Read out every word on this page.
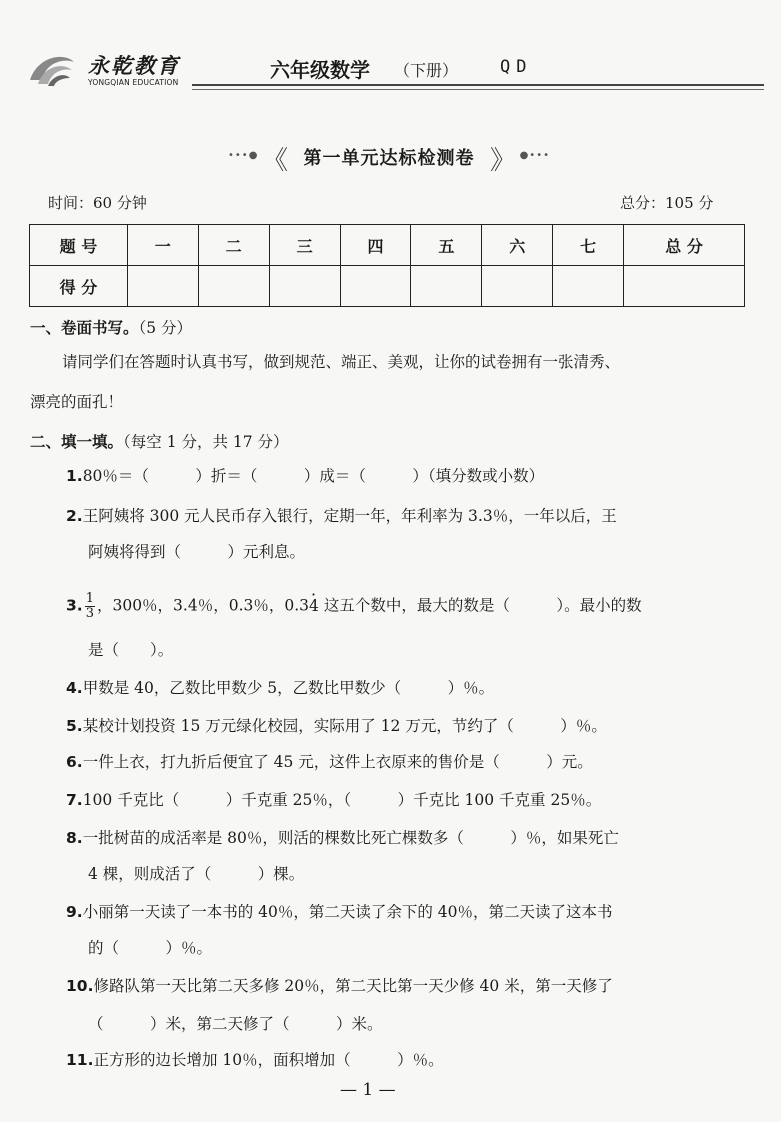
永乾教育
YONGQIAN EDUCATION
六年级数学 （下册） QD
•••● 《 第一单元达标检测卷 》 ●•••
时间：60 分钟	总分：105 分
题 号	一	二	三	四	五	六	七	总 分
得 分								
一、卷面书写。（5 分）
请同学们在答题时认真书写，做到规范、端正、美观，让你的试卷拥有一张清秀、
漂亮的面孔！
二、填一填。（每空 1 分，共 17 分）
1.80％＝（　　　）折＝（　　　）成＝（　　　）（填分数或小数）
2.王阿姨将 300 元人民币存入银行，定期一年，年利率为 3.3％，一年以后，王
阿姨将得到（　　　）元利息。
3. $\frac{1}{3}$ ，300％，3.4％，0.3％，0.3· 4 这五个数中，最大的数是（　　　）。最小的数
是（　　）。
4.甲数是 40，乙数比甲数少 5，乙数比甲数少（　　　）％。
5.某校计划投资 15 万元绿化校园，实际用了 12 万元，节约了（　　　）％。
6.一件上衣，打九折后便宜了 45 元，这件上衣原来的售价是（　　　）元。
7.100 千克比（　　　）千克重 25％，（　　　）千克比 100 千克重 25％。
8.一批树苗的成活率是 80％，则活的棵数比死亡棵数多（　　　）％，如果死亡
4 棵，则成活了（　　　）棵。
9.小丽第一天读了一本书的 40％，第二天读了余下的 40％，第二天读了这本书
的（　　　）％。
10.修路队第一天比第二天多修 20％，第二天比第一天少修 40 米，第一天修了
（　　　）米，第二天修了（　　　）米。
11.正方形的边长增加 10％，面积增加（　　　）％。
— 1 —
